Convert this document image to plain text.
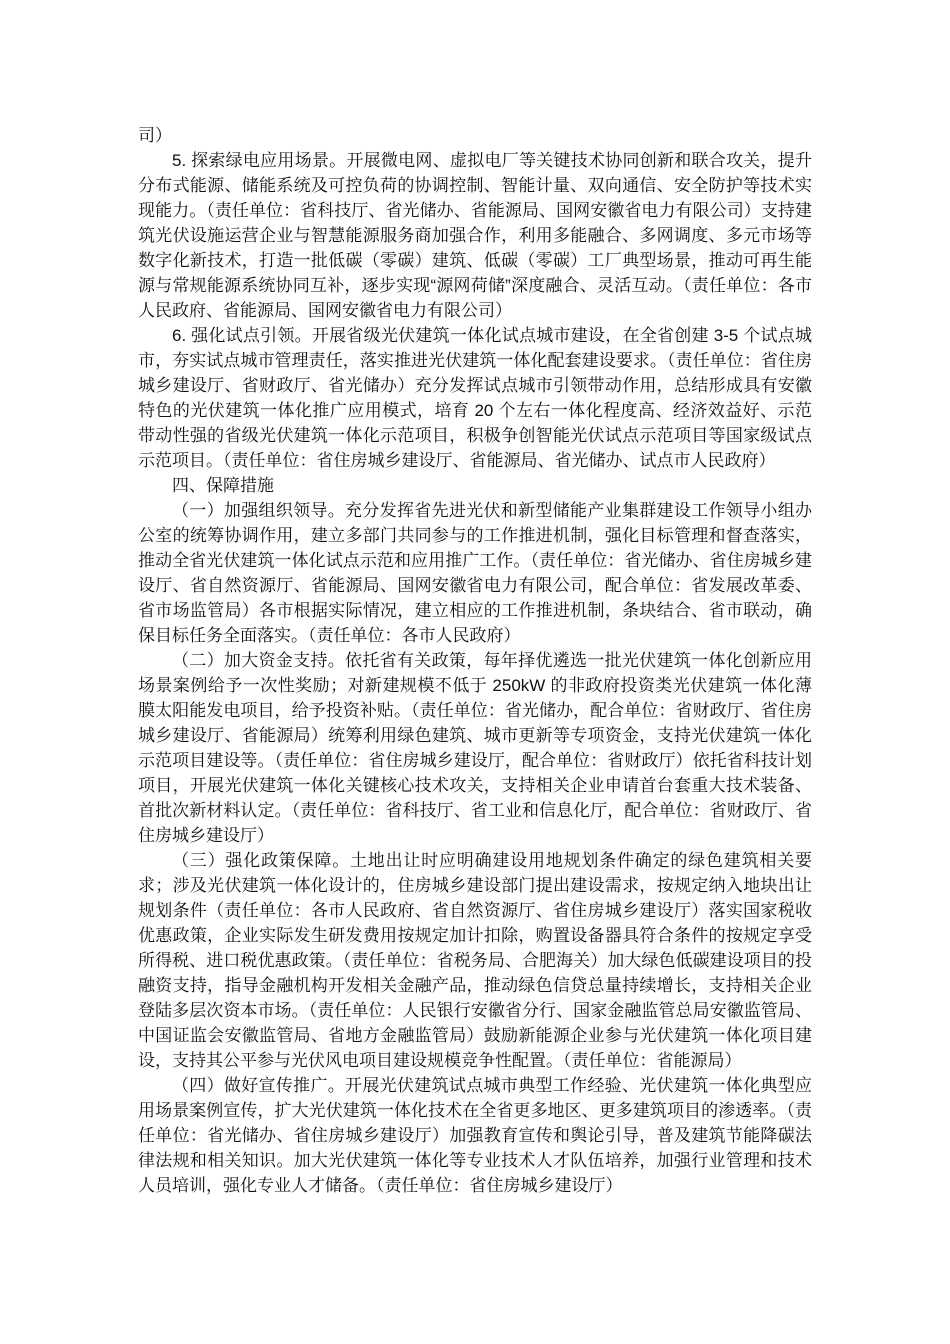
司）

5. 探索绿电应用场景。开展微电网、虚拟电厂等关键技术协同创新和联合攻关，提升分布式能源、储能系统及可控负荷的协调控制、智能计量、双向通信、安全防护等技术实现能力。（责任单位：省科技厅、省光储办、省能源局、国网安徽省电力有限公司）支持建筑光伏设施运营企业与智慧能源服务商加强合作，利用多能融合、多网调度、多元市场等数字化新技术，打造一批低碳（零碳）建筑、低碳（零碳）工厂典型场景，推动可再生能源与常规能源系统协同互补，逐步实现“源网荷储”深度融合、灵活互动。（责任单位：各市人民政府、省能源局、国网安徽省电力有限公司）

6. 强化试点引领。开展省级光伏建筑一体化试点城市建设，在全省创建 3-5 个试点城市，夯实试点城市管理责任，落实推进光伏建筑一体化配套建设要求。（责任单位：省住房城乡建设厅、省财政厅、省光储办）充分发挥试点城市引领带动作用，总结形成具有安徽特色的光伏建筑一体化推广应用模式，培育 20 个左右一体化程度高、经济效益好、示范带动性强的省级光伏建筑一体化示范项目，积极争创智能光伏试点示范项目等国家级试点示范项目。（责任单位：省住房城乡建设厅、省能源局、省光储办、试点市人民政府）

四、保障措施

（一）加强组织领导。充分发挥省先进光伏和新型储能产业集群建设工作领导小组办公室的统筹协调作用，建立多部门共同参与的工作推进机制，强化目标管理和督查落实，推动全省光伏建筑一体化试点示范和应用推广工作。（责任单位：省光储办、省住房城乡建设厅、省自然资源厅、省能源局、国网安徽省电力有限公司，配合单位：省发展改革委、省市场监管局）各市根据实际情况，建立相应的工作推进机制，条块结合、省市联动，确保目标任务全面落实。（责任单位：各市人民政府）

（二）加大资金支持。依托省有关政策，每年择优遴选一批光伏建筑一体化创新应用场景案例给予一次性奖励；对新建规模不低于 250kW 的非政府投资类光伏建筑一体化薄膜太阳能发电项目，给予投资补贴。（责任单位：省光储办，配合单位：省财政厅、省住房城乡建设厅、省能源局）统筹利用绿色建筑、城市更新等专项资金，支持光伏建筑一体化示范项目建设等。（责任单位：省住房城乡建设厅，配合单位：省财政厅）依托省科技计划项目，开展光伏建筑一体化关键核心技术攻关，支持相关企业申请首台套重大技术装备、首批次新材料认定。（责任单位：省科技厅、省工业和信息化厅，配合单位：省财政厅、省住房城乡建设厅）

（三）强化政策保障。土地出让时应明确建设用地规划条件确定的绿色建筑相关要求；涉及光伏建筑一体化设计的，住房城乡建设部门提出建设需求，按规定纳入地块出让规划条件（责任单位：各市人民政府、省自然资源厅、省住房城乡建设厅）落实国家税收优惠政策，企业实际发生研发费用按规定加计扣除，购置设备器具符合条件的按规定享受所得税、进口税优惠政策。（责任单位：省税务局、合肥海关）加大绿色低碳建设项目的投融资支持，指导金融机构开发相关金融产品，推动绿色信贷总量持续增长，支持相关企业登陆多层次资本市场。（责任单位：人民银行安徽省分行、国家金融监管总局安徽监管局、中国证监会安徽监管局、省地方金融监管局）鼓励新能源企业参与光伏建筑一体化项目建设，支持其公平参与光伏风电项目建设规模竞争性配置。（责任单位：省能源局）

（四）做好宣传推广。开展光伏建筑试点城市典型工作经验、光伏建筑一体化典型应用场景案例宣传，扩大光伏建筑一体化技术在全省更多地区、更多建筑项目的渗透率。（责任单位：省光储办、省住房城乡建设厅）加强教育宣传和舆论引导，普及建筑节能降碳法律法规和相关知识。加大光伏建筑一体化等专业技术人才队伍培养，加强行业管理和技术人员培训，强化专业人才储备。（责任单位：省住房城乡建设厅）
